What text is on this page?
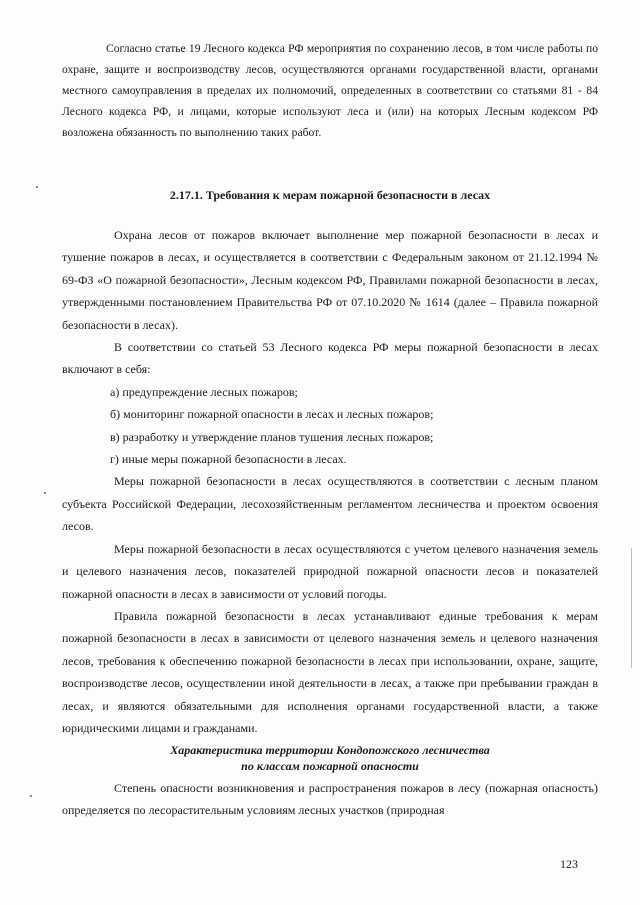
Согласно статье 19 Лесного кодекса РФ мероприятия по сохранению лесов, в том числе работы по охране, защите и воспроизводству лесов, осуществляются органами государственной власти, органами местного самоуправления в пределах их полномочий, определенных в соответствии со статьями 81 - 84 Лесного кодекса РФ, и лицами, которые используют леса и (или) на которых Лесным кодексом РФ возложена обязанность по выполнению таких работ.

2.17.1. Требования к мерам пожарной безопасности в лесах

Охрана лесов от пожаров включает выполнение мер пожарной безопасности в лесах и тушение пожаров в лесах, и осуществляется в соответствии с Федеральным законом от 21.12.1994 № 69-ФЗ «О пожарной безопасности», Лесным кодексом РФ, Правилами пожарной безопасности в лесах, утвержденными постановлением Правительства РФ от 07.10.2020 № 1614 (далее – Правила пожарной безопасности в лесах).

В соответствии со статьей 53 Лесного кодекса РФ меры пожарной безопасности в лесах включают в себя:

а) предупреждение лесных пожаров;

б) мониторинг пожарной опасности в лесах и лесных пожаров;

в) разработку и утверждение планов тушения лесных пожаров;

г) иные меры пожарной безопасности в лесах.

Меры пожарной безопасности в лесах осуществляются в соответствии с лесным планом субъекта Российской Федерации, лесохозяйственным регламентом лесничества и проектом освоения лесов.

Меры пожарной безопасности в лесах осуществляются с учетом целевого назначения земель и целевого назначения лесов, показателей природной пожарной опасности лесов и показателей пожарной опасности в лесах в зависимости от условий погоды.

Правила пожарной безопасности в лесах устанавливают единые требования к мерам пожарной безопасности в лесах в зависимости от целевого назначения земель и целевого назначения лесов, требования к обеспечению пожарной безопасности в лесах при использовании, охране, защите, воспроизводстве лесов, осуществлении иной деятельности в лесах, а также при пребывании граждан в лесах, и являются обязательными для исполнения органами государственной власти, а также юридическими лицами и гражданами.

Характеристика территории Кондопожского лесничества
по классам пожарной опасности

Степень опасности возникновения и распространения пожаров в лесу (пожарная опасность) определяется по лесорастительным условиям лесных участков (природная

123
